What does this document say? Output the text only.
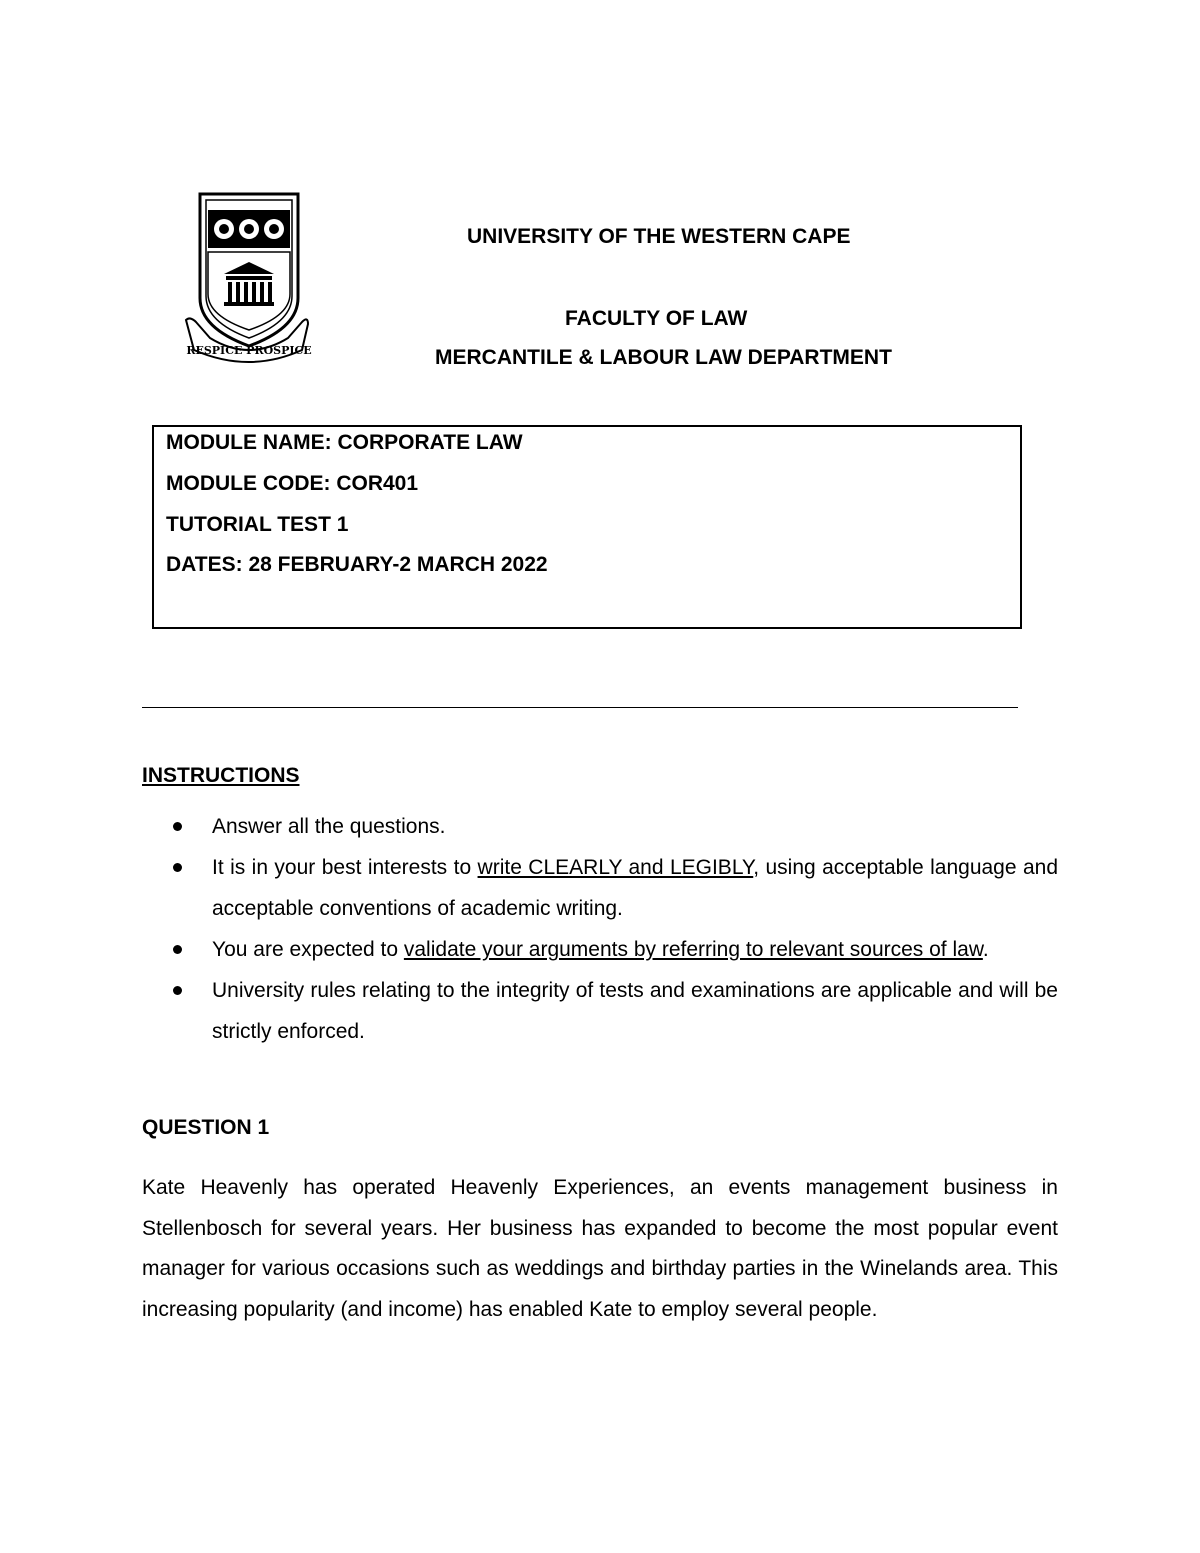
RESPICE PROSPICE
UNIVERSITY OF THE WESTERN CAPE
FACULTY OF LAW
MERCANTILE & LABOUR LAW DEPARTMENT
MODULE NAME: CORPORATE LAW
MODULE CODE: COR401
TUTORIAL TEST 1
DATES: 28 FEBRUARY-2 MARCH 2022
INSTRUCTIONS
Answer all the questions.
It is in your best interests to write CLEARLY and LEGIBLY, using acceptable language and acceptable conventions of academic writing.
You are expected to validate your arguments by referring to relevant sources of law.
University rules relating to the integrity of tests and examinations are applicable and will be strictly enforced.
QUESTION 1

Kate Heavenly has operated Heavenly Experiences, an events management business in Stellenbosch for several years. Her business has expanded to become the most popular event manager for various occasions such as weddings and birthday parties in the Winelands area. This increasing popularity (and income) has enabled Kate to employ several people.
